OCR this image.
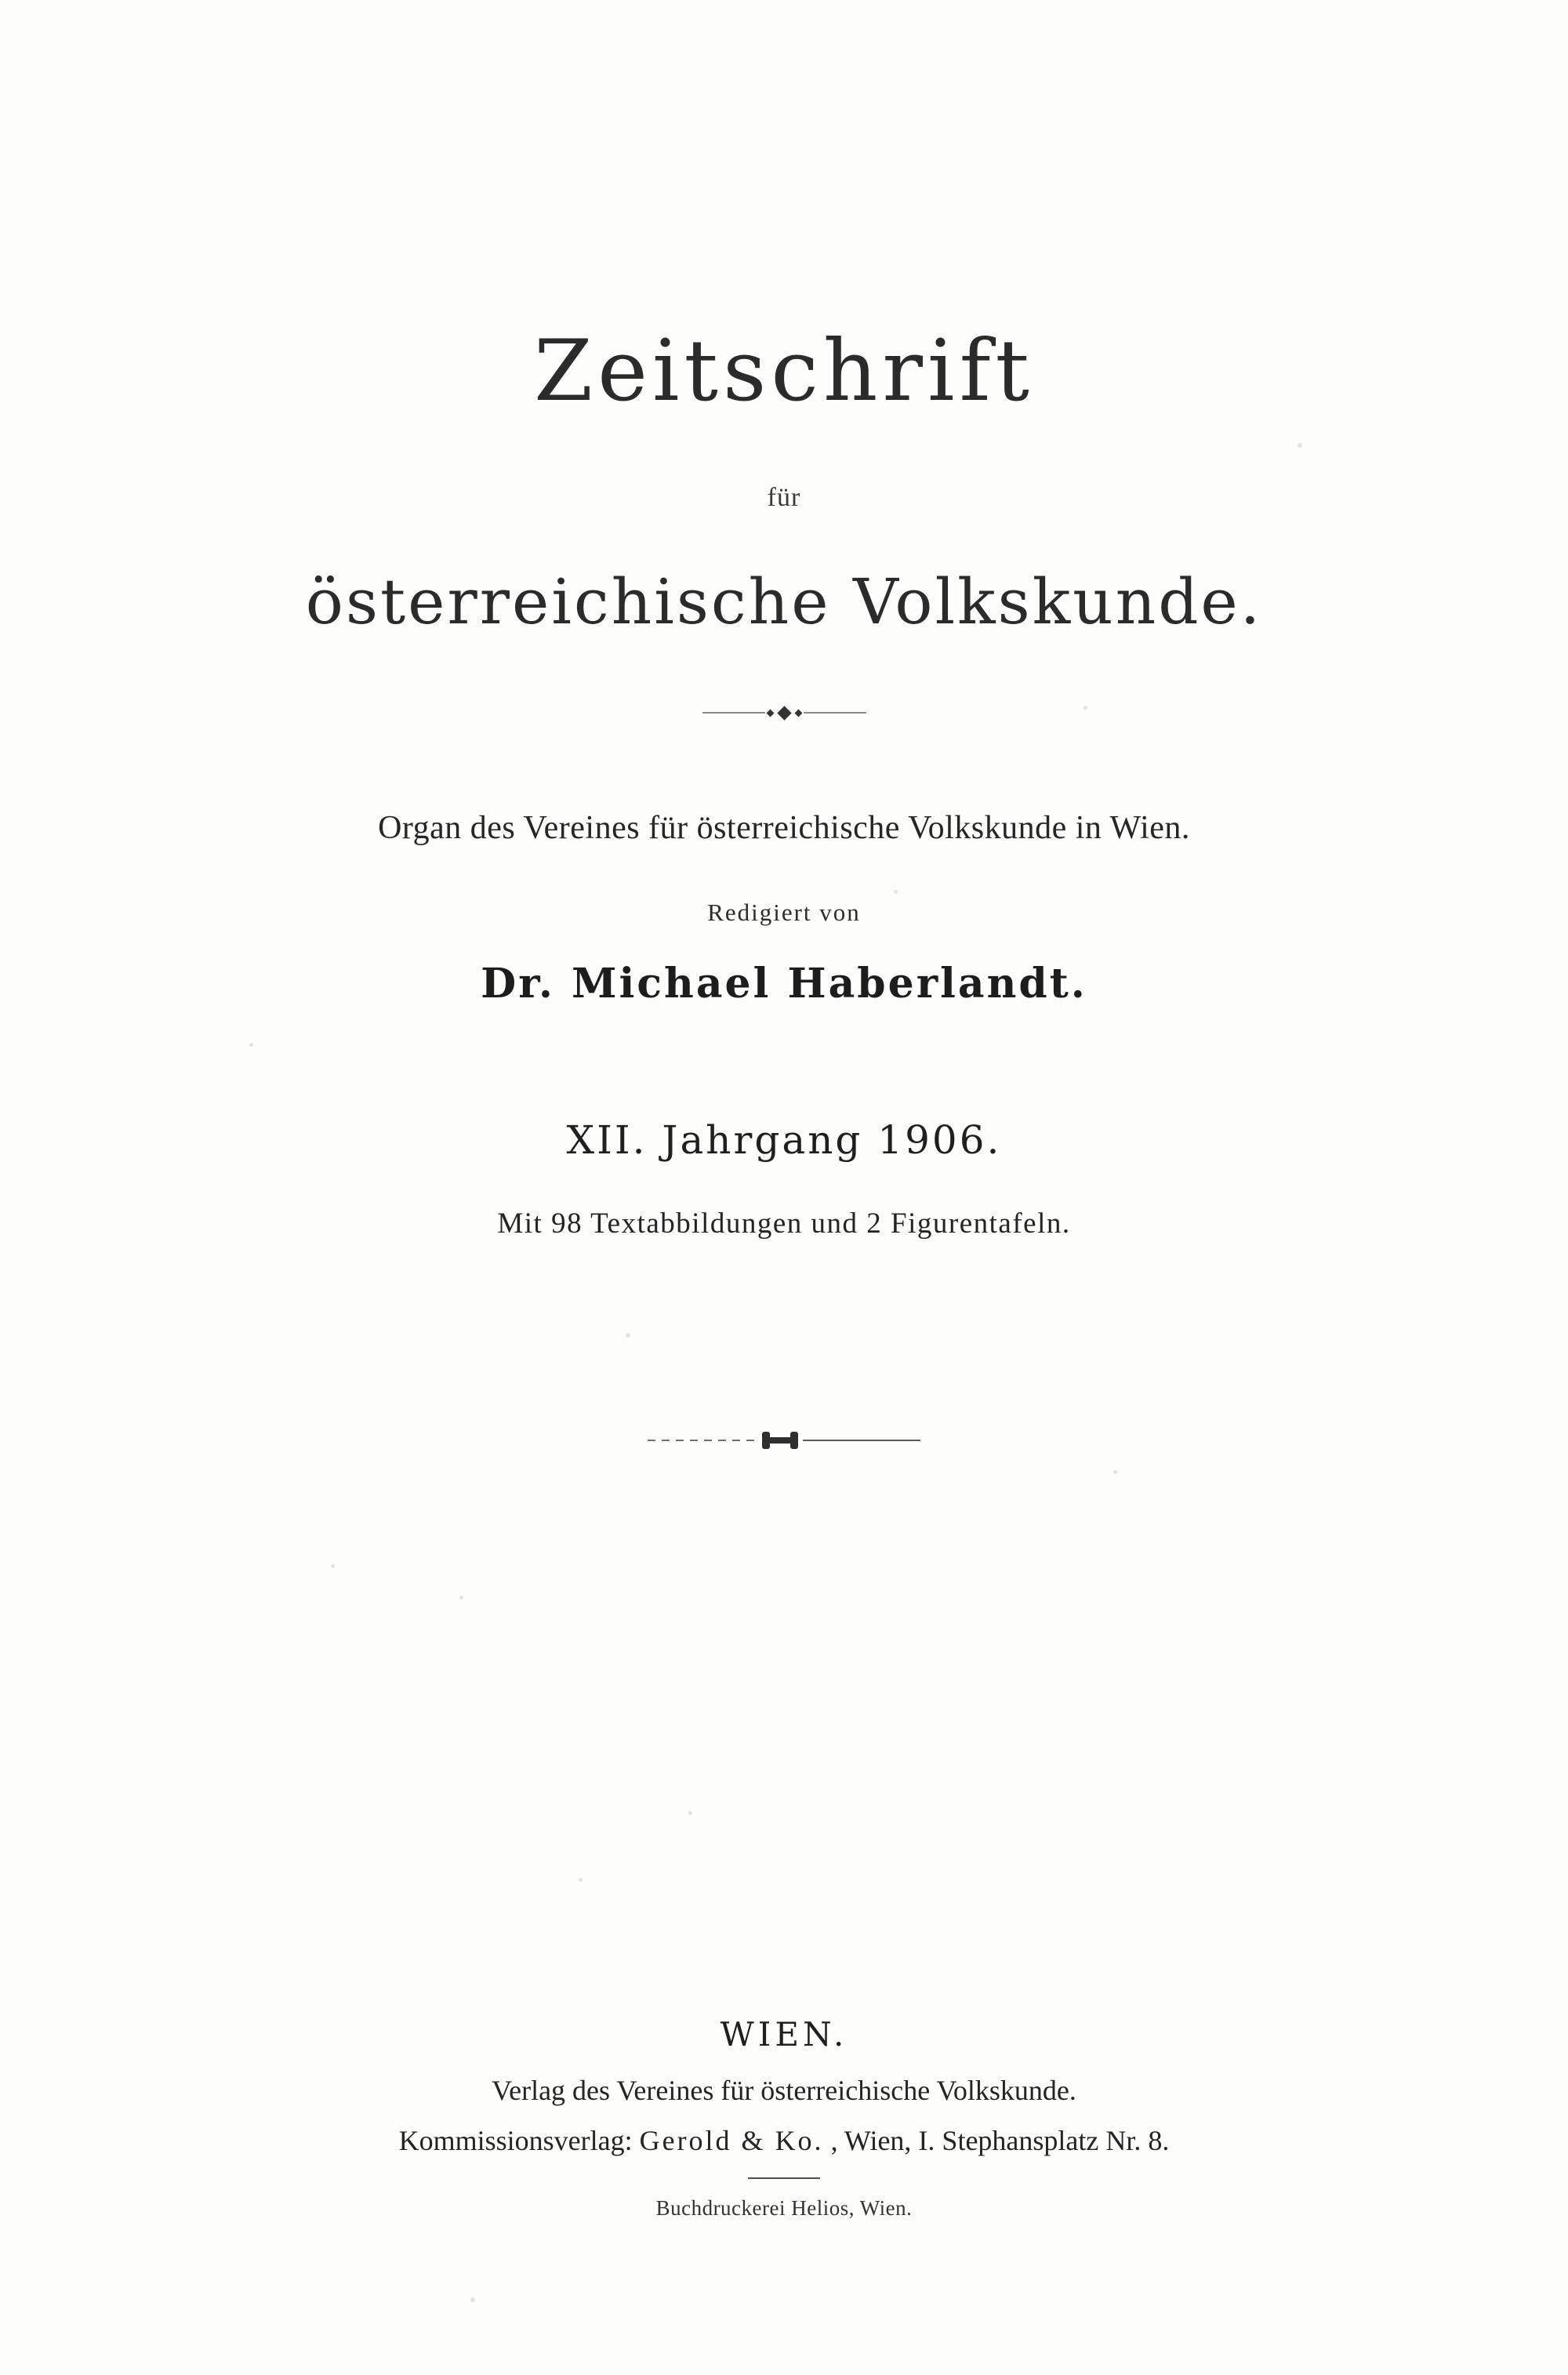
Zeitschrift
für
österreichische Volkskunde.
Organ des Vereines für österreichische Volkskunde in Wien.
Redigiert von
Dr. Michael Haberlandt.
XII. Jahrgang 1906.
Mit 98 Textabbildungen und 2 Figurentafeln.
WIEN.
Verlag des Vereines für österreichische Volkskunde.
Kommissionsverlag: Gerold & Ko. , Wien, I. Stephansplatz Nr. 8.
Buchdruckerei Helios, Wien.
